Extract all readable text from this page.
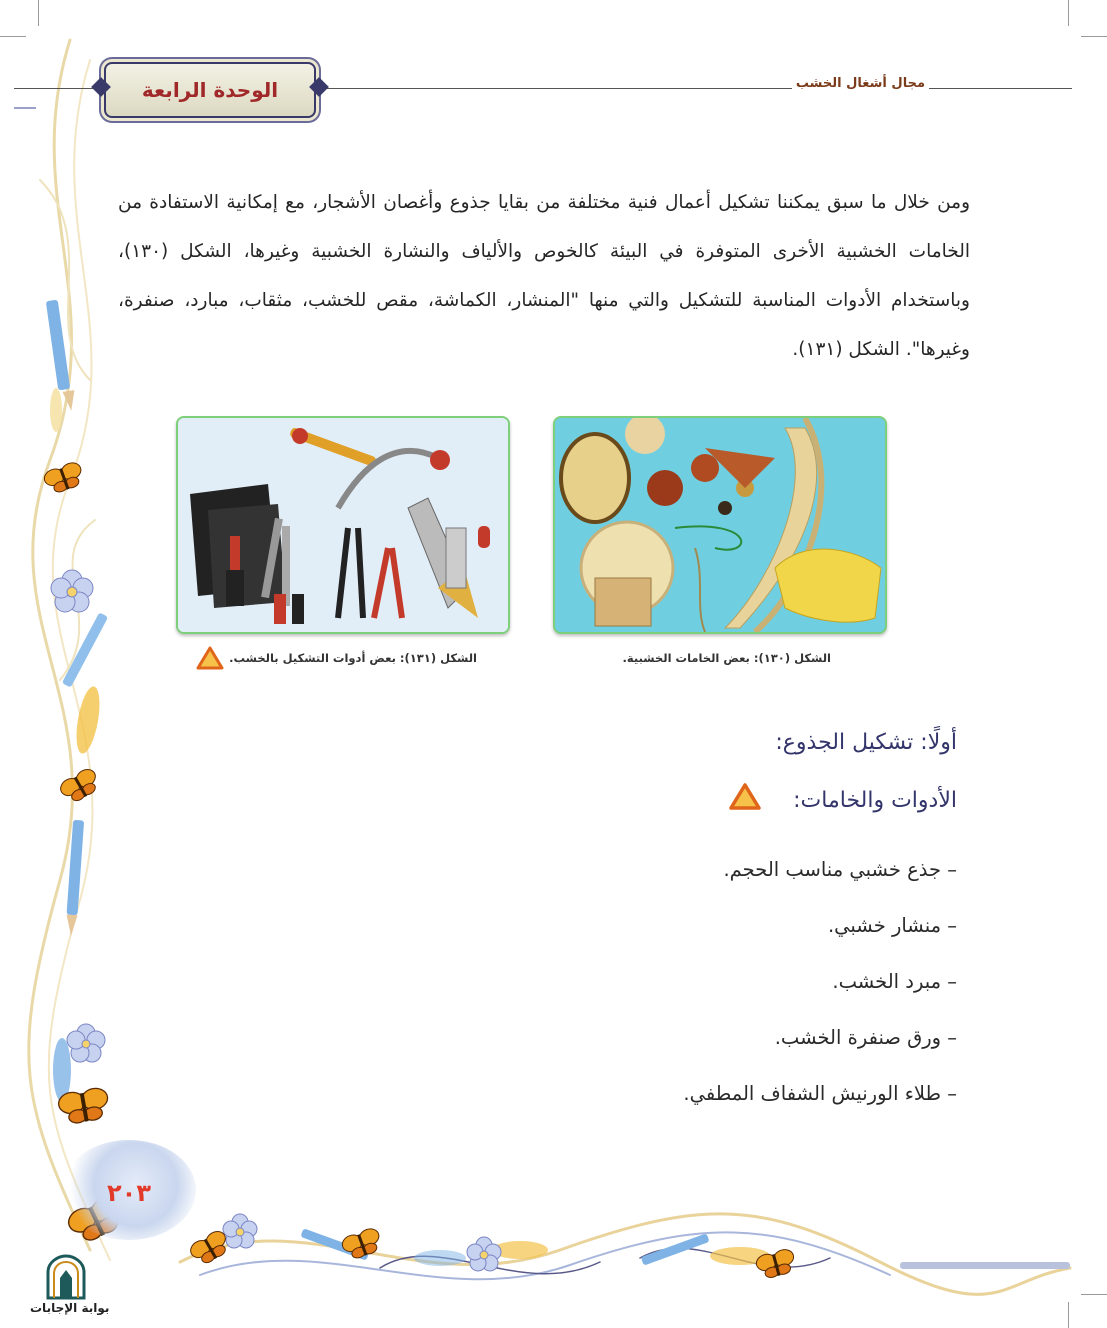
مجال أشغال الخشب
الوحدة الرابعة
ومن خلال ما سبق يمكننا تشكيل أعمال فنية مختلفة من بقايا جذوع وأغصان الأشجار، مع إمكانية الاستفادة من الخامات الخشبية الأخرى المتوفرة في البيئة كالخوص والألياف والنشارة الخشبية وغيرها، الشكل (١٣٠)، وباستخدام الأدوات المناسبة للتشكيل والتي منها "المنشار، الكماشة، مقص للخشب، مثقاب، مبارد، صنفرة، وغيرها". الشكل (١٣١).
الشكل (١٣٠): بعض الخامات الخشبية.
الشكل (١٣١): بعض أدوات التشكيل بالخشب.
أولًا: تشكيل الجذوع:
الأدوات والخامات:
– جذع خشبي مناسب الحجم.
– منشار خشبي.
– مبرد الخشب.
– ورق صنفرة الخشب.
– طلاء الورنيش الشفاف المطفي.
٢٠٣
بوابة الإجابات
